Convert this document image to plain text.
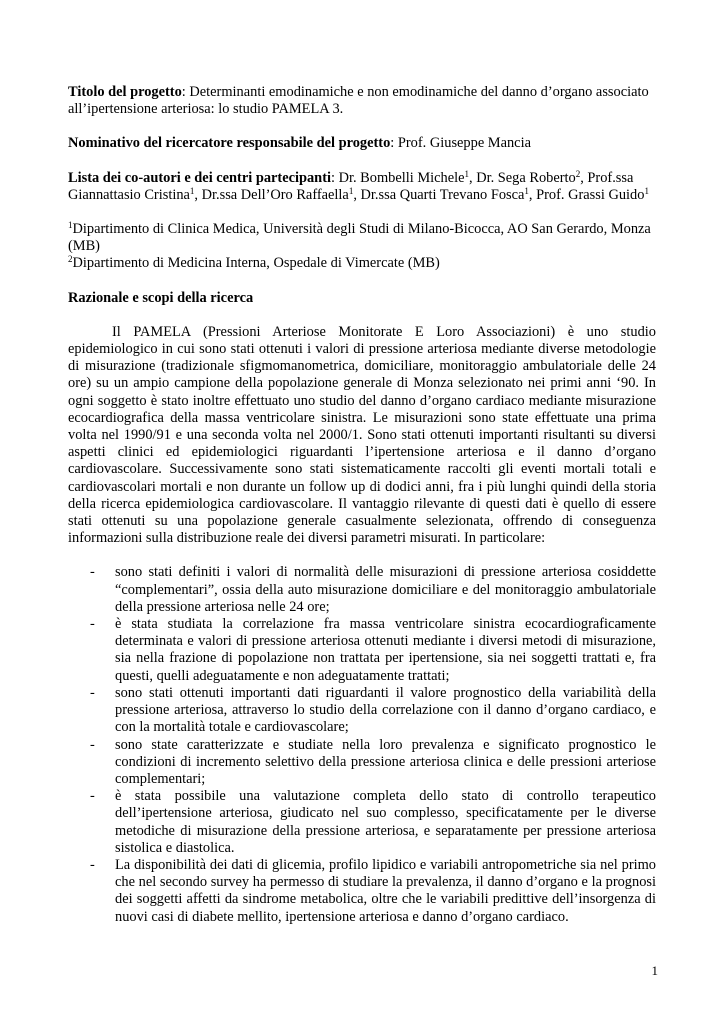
Titolo del progetto: Determinanti emodinamiche e non emodinamiche del danno d’organo associato all’ipertensione arteriosa: lo studio PAMELA 3.

Nominativo del ricercatore responsabile del progetto: Prof. Giuseppe Mancia

Lista dei co-autori e dei centri partecipanti: Dr. Bombelli Michele$^1$, Dr. Sega Roberto$^2$, Prof.ssa Giannattasio Cristina$^1$, Dr.ssa Dell’Oro Raffaella$^1$, Dr.ssa Quarti Trevano Fosca$^1$, Prof. Grassi Guido$^1$

$^1$Dipartimento di Clinica Medica, Università degli Studi di Milano-Bicocca, AO San Gerardo, Monza (MB)
$^2$Dipartimento di Medicina Interna, Ospedale di Vimercate (MB)

Razionale e scopi della ricerca

Il PAMELA (Pressioni Arteriose Monitorate E Loro Associazioni) è uno studio epidemiologico in cui sono stati ottenuti i valori di pressione arteriosa mediante diverse metodologie di misurazione (tradizionale sfigmomanometrica, domiciliare, monitoraggio ambulatoriale delle 24 ore) su un ampio campione della popolazione generale di Monza selezionato nei primi anni ‘90. In ogni soggetto è stato inoltre effettuato uno studio del danno d’organo cardiaco mediante misurazione ecocardiografica della massa ventricolare sinistra. Le misurazioni sono state effettuate una prima volta nel 1990/91 e una seconda volta nel 2000/1. Sono stati ottenuti importanti risultanti su diversi aspetti clinici ed epidemiologici riguardanti l’ipertensione arteriosa e il danno d’organo cardiovascolare. Successivamente sono stati sistematicamente raccolti gli eventi mortali totali e cardiovascolari mortali e non durante un follow up di dodici anni, fra i più lunghi quindi della storia della ricerca epidemiologica cardiovascolare. Il vantaggio rilevante di questi dati è quello di essere stati ottenuti su una popolazione generale casualmente selezionata, offrendo di conseguenza informazioni sulla distribuzione reale dei diversi parametri misurati. In particolare:

- sono stati definiti i valori di normalità delle misurazioni di pressione arteriosa cosiddette “complementari”, ossia della auto misurazione domiciliare e del monitoraggio ambulatoriale della pressione arteriosa nelle 24 ore;
- è stata studiata la correlazione fra massa ventricolare sinistra ecocardiograficamente determinata e valori di pressione arteriosa ottenuti mediante i diversi metodi di misurazione, sia nella frazione di popolazione non trattata per ipertensione, sia nei soggetti trattati e, fra questi, quelli adeguatamente e non adeguatamente trattati;
- sono stati ottenuti importanti dati riguardanti il valore prognostico della variabilità della pressione arteriosa, attraverso lo studio della correlazione con il danno d’organo cardiaco, e con la mortalità totale e cardiovascolare;
- sono state caratterizzate e studiate nella loro prevalenza e significato prognostico le condizioni di incremento selettivo della pressione arteriosa clinica e delle pressioni arteriose complementari;
- è stata possibile una valutazione completa dello stato di controllo terapeutico dell’ipertensione arteriosa, giudicato nel suo complesso, specificatamente per le diverse metodiche di misurazione della pressione arteriosa, e separatamente per pressione arteriosa sistolica e diastolica.
- La disponibilità dei dati di glicemia, profilo lipidico e variabili antropometriche sia nel primo che nel secondo survey ha permesso di studiare la prevalenza, il danno d’organo e la prognosi dei soggetti affetti da sindrome metabolica, oltre che le variabili predittive dell’insorgenza di nuovi casi di diabete mellito, ipertensione arteriosa e danno d’organo cardiaco.
1
